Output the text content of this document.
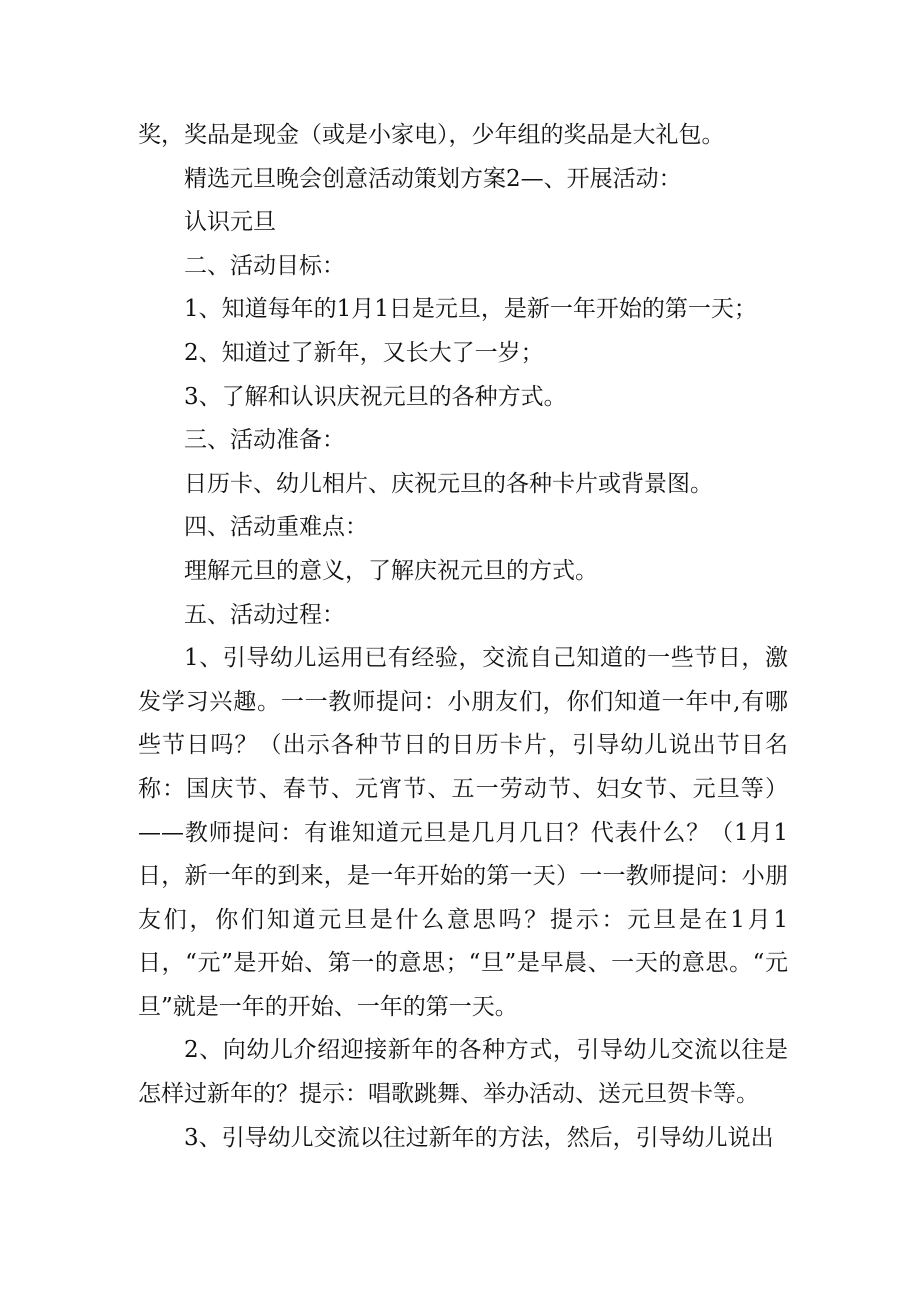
奖，奖品是现金（或是小家电），少年组的奖品是大礼包。

精选元旦晚会创意活动策划方案2—、开展活动：

认识元旦

二、活动目标：

1、知道每年的1月1日是元旦，是新一年开始的第一天；

2、知道过了新年，又长大了一岁；

3、了解和认识庆祝元旦的各种方式。

三、活动准备：

日历卡、幼儿相片、庆祝元旦的各种卡片或背景图。

四、活动重难点：

理解元旦的意义，了解庆祝元旦的方式。

五、活动过程：

1、引导幼儿运用已有经验，交流自己知道的一些节日，激发学习兴趣。一一教师提问：小朋友们，你们知道一年中,有哪些节日吗？（出示各种节日的日历卡片，引导幼儿说出节日名称：国庆节、春节、元宵节、五一劳动节、妇女节、元旦等）——教师提问：有谁知道元旦是几月几日？代表什么？（1月1日，新一年的到来，是一年开始的第一天）一一教师提问：小朋友们，你们知道元旦是什么意思吗？提示：元旦是在1月1日，“元”是开始、第一的意思；“旦”是早晨、一天的意思。“元旦”就是一年的开始、一年的第一天。

2、向幼儿介绍迎接新年的各种方式，引导幼儿交流以往是怎样过新年的？提示：唱歌跳舞、举办活动、送元旦贺卡等。

3、引导幼儿交流以往过新年的方法，然后，引导幼儿说出
